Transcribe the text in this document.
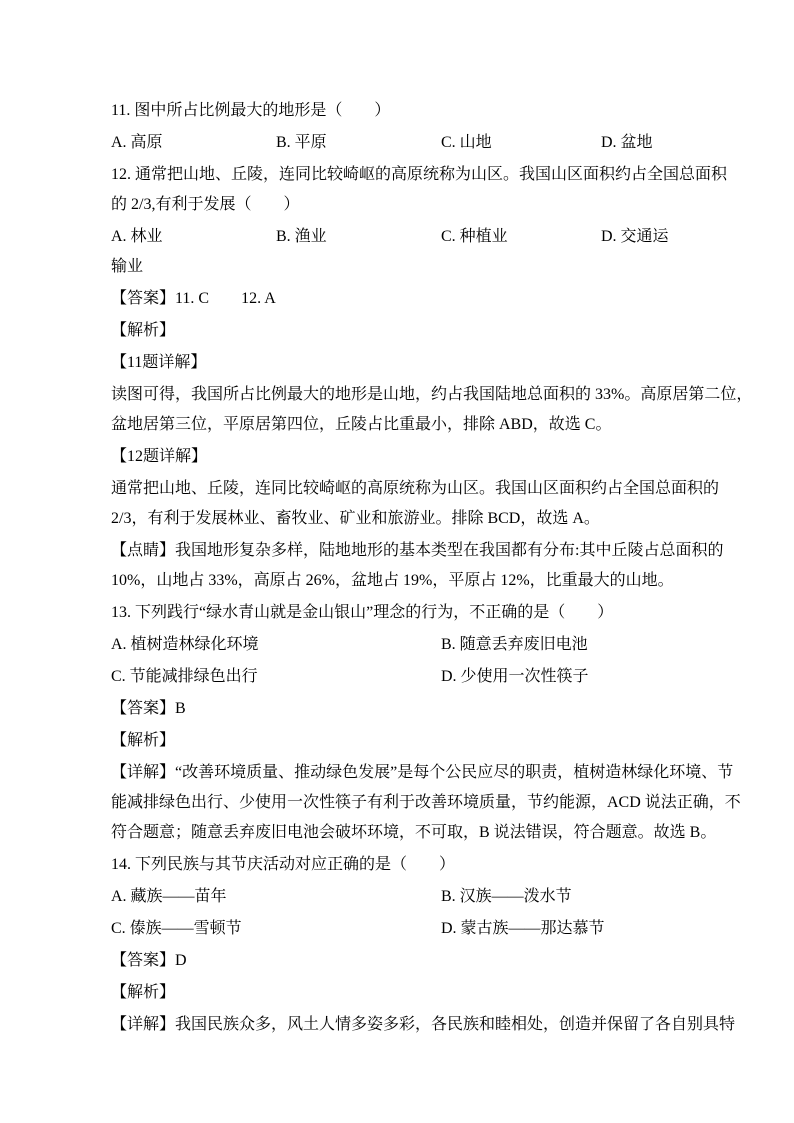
11. 图中所占比例最大的地形是（　　）
A. 高原	B. 平原	C. 山地	D. 盆地
12. 通常把山地、丘陵，连同比较崎岖的高原统称为山区。我国山区面积约占全国总面积
的 2/3,有利于发展（　　）
A. 林业	B. 渔业	C. 种植业	D. 交通运
输业
【答案】11. C　　12. A
【解析】
【11题详解】
读图可得，我国所占比例最大的地形是山地，约占我国陆地总面积的 33%。高原居第二位，
盆地居第三位，平原居第四位，丘陵占比重最小，排除 ABD，故选 C。
【12题详解】
通常把山地、丘陵，连同比较崎岖的高原统称为山区。我国山区面积约占全国总面积的
2/3，有利于发展林业、畜牧业、矿业和旅游业。排除 BCD，故选 A。
【点睛】我国地形复杂多样，陆地地形的基本类型在我国都有分布:其中丘陵占总面积的
10%，山地占 33%，高原占 26%，盆地占 19%，平原占 12%，比重最大的山地。
13. 下列践行“绿水青山就是金山银山”理念的行为，不正确的是（　　）
A. 植树造林绿化环境	B. 随意丢弃废旧电池
C. 节能减排绿色出行	D. 少使用一次性筷子
【答案】B
【解析】
【详解】“改善环境质量、推动绿色发展”是每个公民应尽的职责，植树造林绿化环境、节
能减排绿色出行、少使用一次性筷子有利于改善环境质量，节约能源，ACD 说法正确，不
符合题意；随意丢弃废旧电池会破坏环境，不可取，B 说法错误，符合题意。故选 B。
14. 下列民族与其节庆活动对应正确的是（　　）
A. 藏族——苗年	B. 汉族——泼水节
C. 傣族——雪顿节	D. 蒙古族——那达慕节
【答案】D
【解析】
【详解】我国民族众多，风土人情多姿多彩，各民族和睦相处，创造并保留了各自别具特
